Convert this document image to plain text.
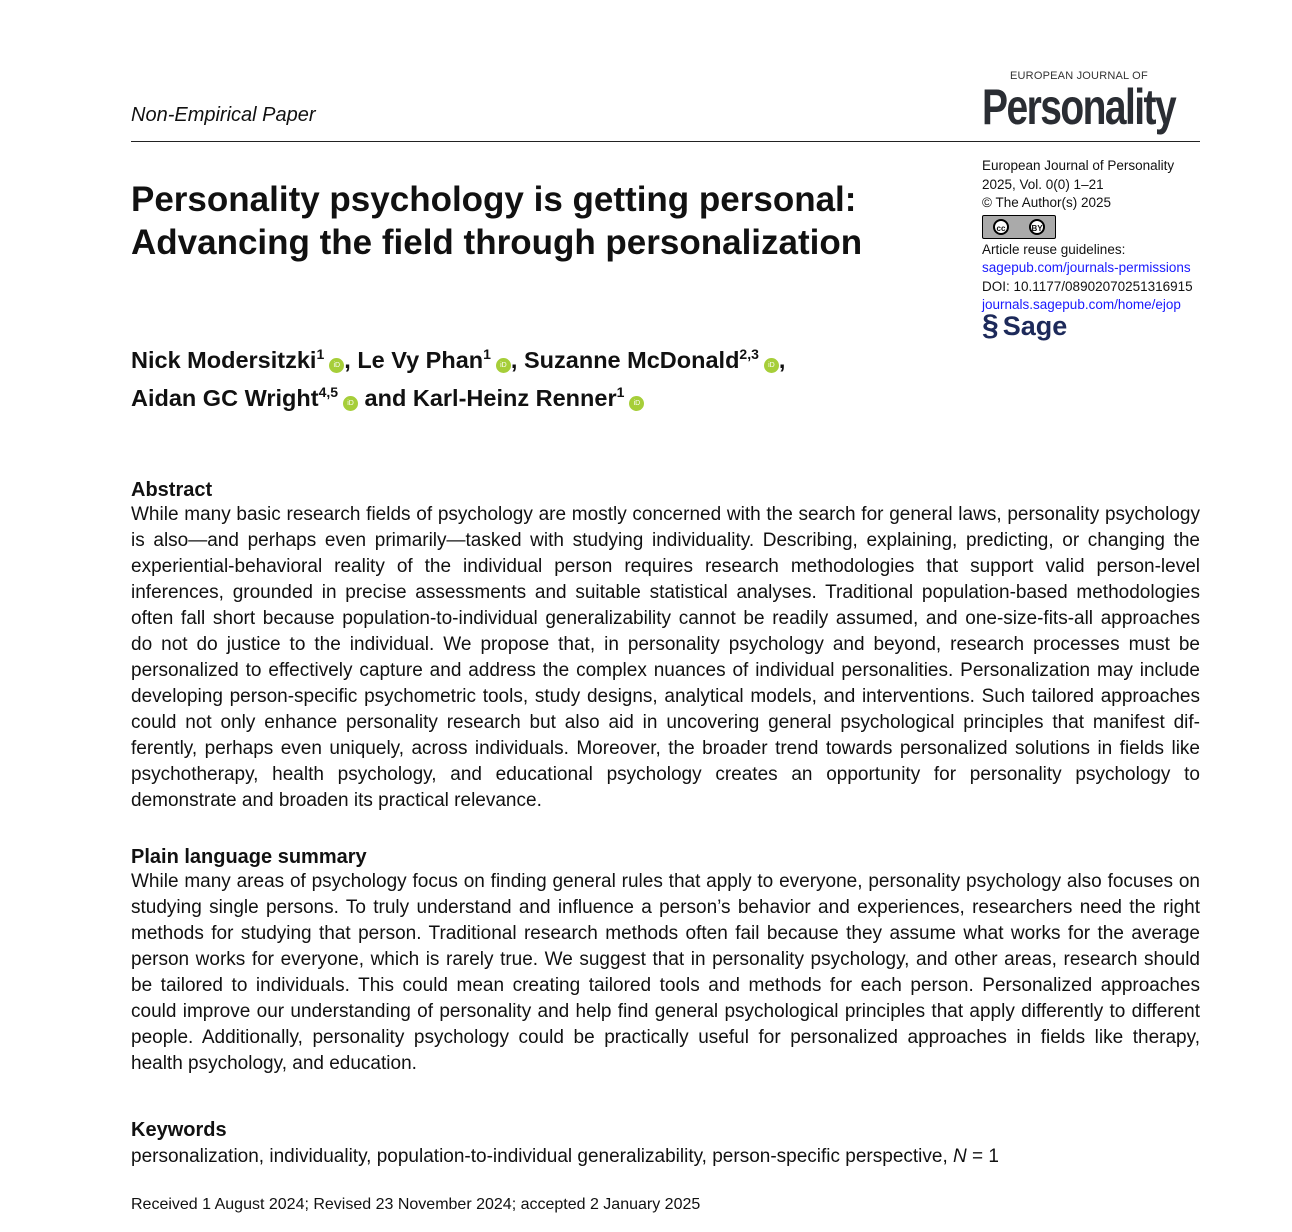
Non-Empirical Paper
EUROPEAN JOURNAL OF
Personality
European Journal of Personality
2025, Vol. 0(0) 1–21
© The Author(s) 2025
cc	BY
Article reuse guidelines:
sagepub.com/journals-permissions
DOI: 10.1177/08902070251316915
journals.sagepub.com/home/ejop
§ Sage
Personality psychology is getting personal:
Advancing the field through personalization
Nick Modersitzki$^1$iD , Le Vy Phan$^1$iD , Suzanne McDonald$^{2,3}$iD ,
Aidan GC Wright$^{4,5}$iD and Karl-Heinz Renner$^1$iD
Abstract
While many basic research fields of psychology are mostly concerned with the search for general laws, personality psychology
is also—and perhaps even primarily—tasked with studying individuality. Describing, explaining, predicting, or changing the
experiential-behavioral reality of the individual person requires research methodologies that support valid person-level
inferences, grounded in precise assessments and suitable statistical analyses. Traditional population-based methodologies
often fall short because population-to-individual generalizability cannot be readily assumed, and one-size-fits-all approaches
do not do justice to the individual. We propose that, in personality psychology and beyond, research processes must be
personalized to effectively capture and address the complex nuances of individual personalities. Personalization may include
developing person-specific psychometric tools, study designs, analytical models, and interventions. Such tailored approaches
could not only enhance personality research but also aid in uncovering general psychological principles that manifest dif-
ferently, perhaps even uniquely, across individuals. Moreover, the broader trend towards personalized solutions in fields like
psychotherapy, health psychology, and educational psychology creates an opportunity for personality psychology to
demonstrate and broaden its practical relevance.
Plain language summary
While many areas of psychology focus on finding general rules that apply to everyone, personality psychology also focuses on
studying single persons. To truly understand and influence a person’s behavior and experiences, researchers need the right
methods for studying that person. Traditional research methods often fail because they assume what works for the average
person works for everyone, which is rarely true. We suggest that in personality psychology, and other areas, research should
be tailored to individuals. This could mean creating tailored tools and methods for each person. Personalized approaches
could improve our understanding of personality and help find general psychological principles that apply differently to different
people. Additionally, personality psychology could be practically useful for personalized approaches in fields like therapy,
health psychology, and education.
Keywords
personalization, individuality, population-to-individual generalizability, person-specific perspective, N = 1
Received 1 August 2024; Revised 23 November 2024; accepted 2 January 2025
